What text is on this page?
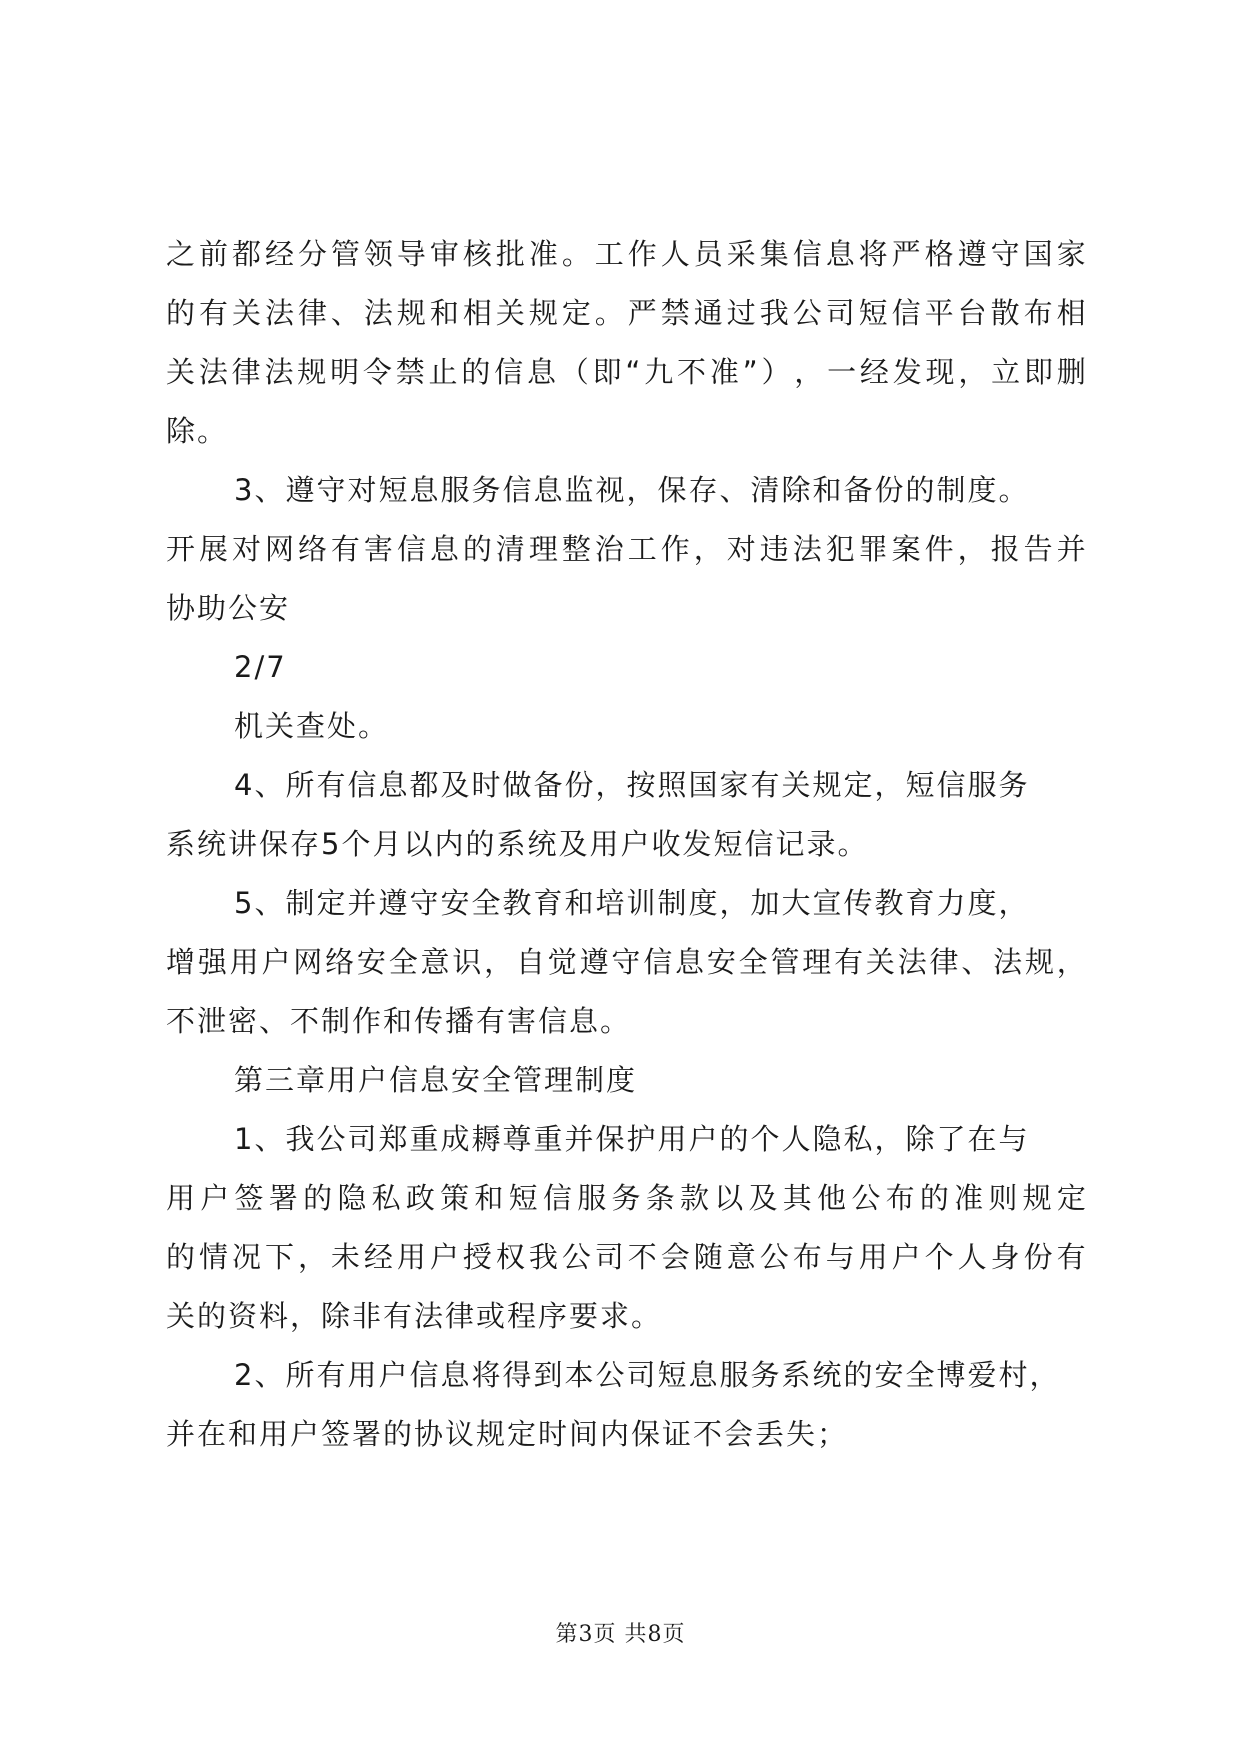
之 前 都 经 分 管 领 导 审 核 批 准 。 工 作 人 员 采 集 信 息 将 严 格 遵 守 国 家
的 有 关 法 律 、 法 规 和 相 关 规 定 。 严 禁 通 过 我 公 司 短 信 平 台 散 布 相
关 法 律 法 规 明 令 禁 止 的 信 息 （ 即 “ 九 不 准 ” ） ， 一 经 发 现 ， 立 即 删
除。
3、遵守对短息服务信息监视，保存、清除和备份的制度。
开 展 对 网 络 有 害 信 息 的 清 理 整 治 工 作 ， 对 违 法 犯 罪 案 件 ， 报 告 并
协助公安
2/7
机关查处。
4、所有信息都及时做备份，按照国家有关规定，短信服务
系统讲保存5个月以内的系统及用户收发短信记录。
5、制定并遵守安全教育和培训制度，加大宣传教育力度，
增 强 用 户 网 络 安 全 意 识 ， 自 觉 遵 守 信 息 安 全 管 理 有 关 法 律 、 法 规 ，
不泄密、不制作和传播有害信息。
第三章用户信息安全管理制度
1、我公司郑重成耨尊重并保护用户的个人隐私，除了在与
用 户 签 署 的 隐 私 政 策 和 短 信 服 务 条 款 以 及 其 他 公 布 的 准 则 规 定
的 情 况 下 ， 未 经 用 户 授 权 我 公 司 不 会 随 意 公 布 与 用 户 个 人 身 份 有
关的资料，除非有法律或程序要求。
2、所有用户信息将得到本公司短息服务系统的安全博爱村，
并在和用户签署的协议规定时间内保证不会丢失；
第3页 共8页
